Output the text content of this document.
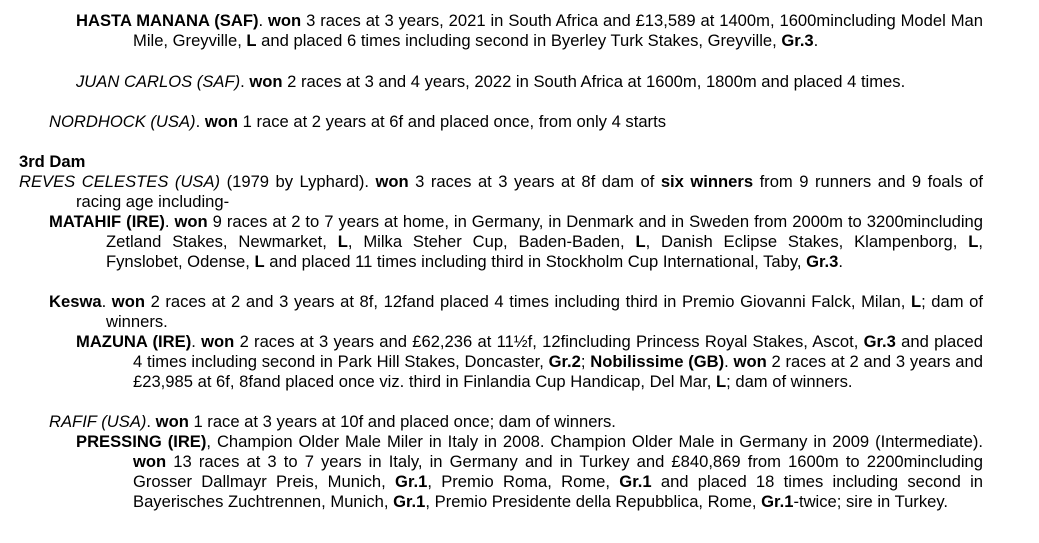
HASTA MANANA (SAF). won 3 races at 3 years, 2021 in South Africa and £13,589 at 1400m, 1600mincluding Model Man Mile, Greyville, L and placed 6 times including second in Byerley Turk Stakes, Greyville, Gr.3.
JUAN CARLOS (SAF). won 2 races at 3 and 4 years, 2022 in South Africa at 1600m, 1800m and placed 4 times.
NORDHOCK (USA). won 1 race at 2 years at 6f and placed once, from only 4 starts
3rd Dam
REVES CELESTES (USA) (1979 by Lyphard). won 3 races at 3 years at 8f dam of six winners from 9 runners and 9 foals of racing age including-
MATAHIF (IRE). won 9 races at 2 to 7 years at home, in Germany, in Denmark and in Sweden from 2000m to 3200mincluding Zetland Stakes, Newmarket, L, Milka Steher Cup, Baden-Baden, L, Danish Eclipse Stakes, Klampenborg, L, Fynslobet, Odense, L and placed 11 times including third in Stockholm Cup International, Taby, Gr.3.
Keswa. won 2 races at 2 and 3 years at 8f, 12fand placed 4 times including third in Premio Giovanni Falck, Milan, L; dam of winners.
MAZUNA (IRE). won 2 races at 3 years and £62,236 at 11½f, 12fincluding Princess Royal Stakes, Ascot, Gr.3 and placed 4 times including second in Park Hill Stakes, Doncaster, Gr.2; Nobilissime (GB). won 2 races at 2 and 3 years and £23,985 at 6f, 8fand placed once viz. third in Finlandia Cup Handicap, Del Mar, L; dam of winners.
RAFIF (USA). won 1 race at 3 years at 10f and placed once; dam of winners.
PRESSING (IRE), Champion Older Male Miler in Italy in 2008. Champion Older Male in Germany in 2009 (Intermediate). won 13 races at 3 to 7 years in Italy, in Germany and in Turkey and £840,869 from 1600m to 2200mincluding Grosser Dallmayr Preis, Munich, Gr.1, Premio Roma, Rome, Gr.1 and placed 18 times including second in Bayerisches Zuchtrennen, Munich, Gr.1, Premio Presidente della Repubblica, Rome, Gr.1-twice; sire in Turkey.
